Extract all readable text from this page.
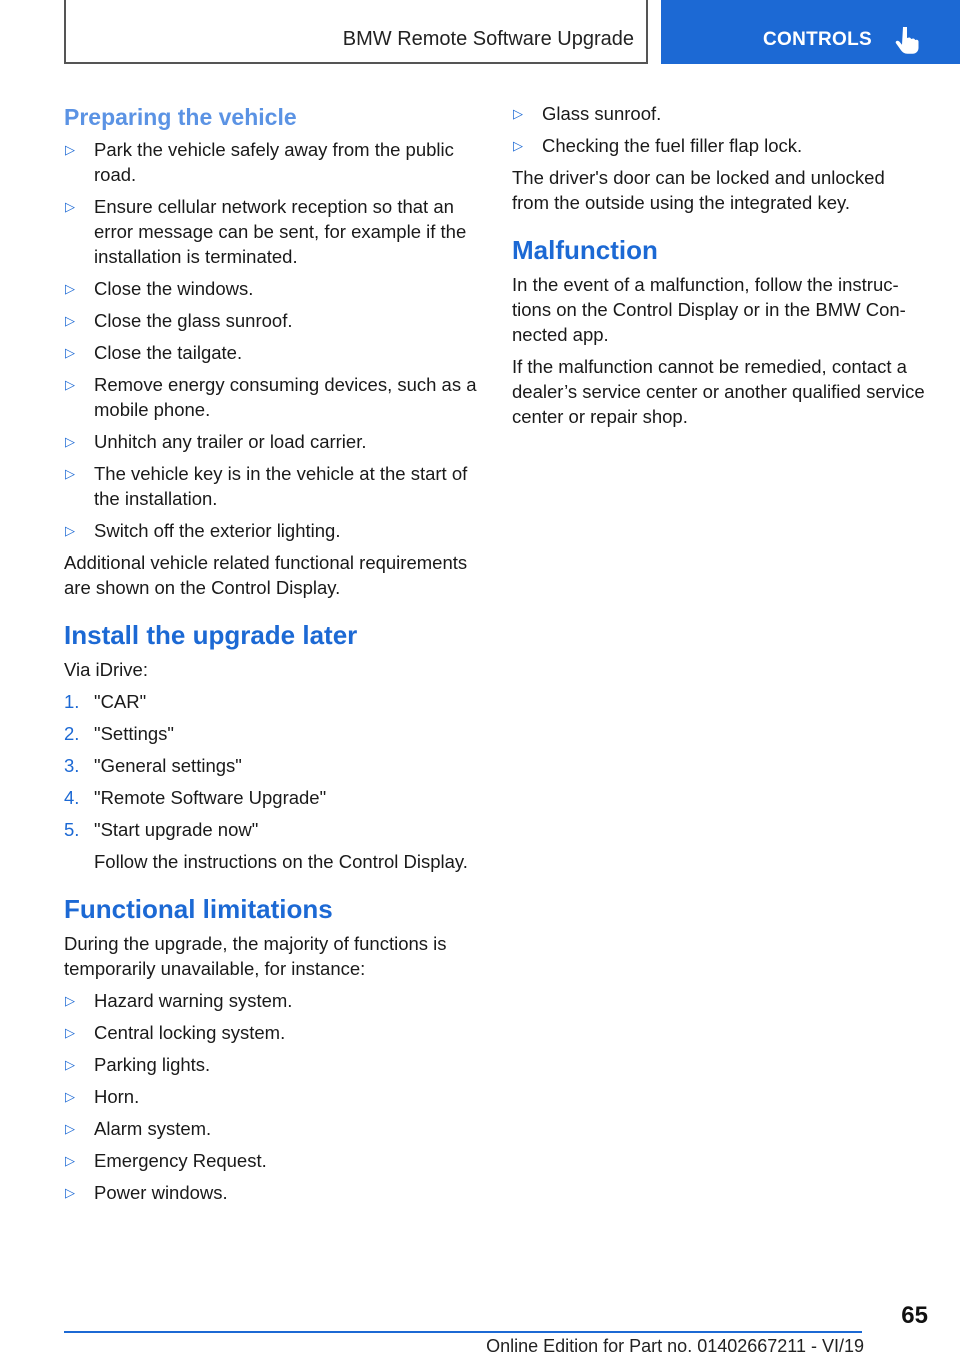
BMW Remote Software Upgrade	CONTROLS
Preparing the vehicle
▷ Park the vehicle safely away from the public road.
▷ Ensure cellular network reception so that an error message can be sent, for example if the installation is terminated.
▷ Close the windows.
▷ Close the glass sunroof.
▷ Close the tailgate.
▷ Remove energy consuming devices, such as a mobile phone.
▷ Unhitch any trailer or load carrier.
▷ The vehicle key is in the vehicle at the start of the installation.
▷ Switch off the exterior lighting.

Additional vehicle related functional requirements are shown on the Control Display.

Install the upgrade later

Via iDrive:

1. "CAR"
2. "Settings"
3. "General settings"
4. "Remote Software Upgrade"
5. "Start upgrade now"
Follow the instructions on the Control Display.
Functional limitations

During the upgrade, the majority of functions is temporarily unavailable, for instance:

▷ Hazard warning system.
▷ Central locking system.
▷ Parking lights.
▷ Horn.
▷ Alarm system.
▷ Emergency Request.
▷ Power windows.
▷ Glass sunroof.
▷ Checking the fuel filler flap lock.

The driver's door can be locked and unlocked from the outside using the integrated key.

Malfunction

In the event of a malfunction, follow the instructions on the Control Display or in the BMW Connected app.

If the malfunction cannot be remedied, contact a dealer’s service center or another qualified service center or repair shop.

65
Online Edition for Part no. 01402667211 - VI/19
